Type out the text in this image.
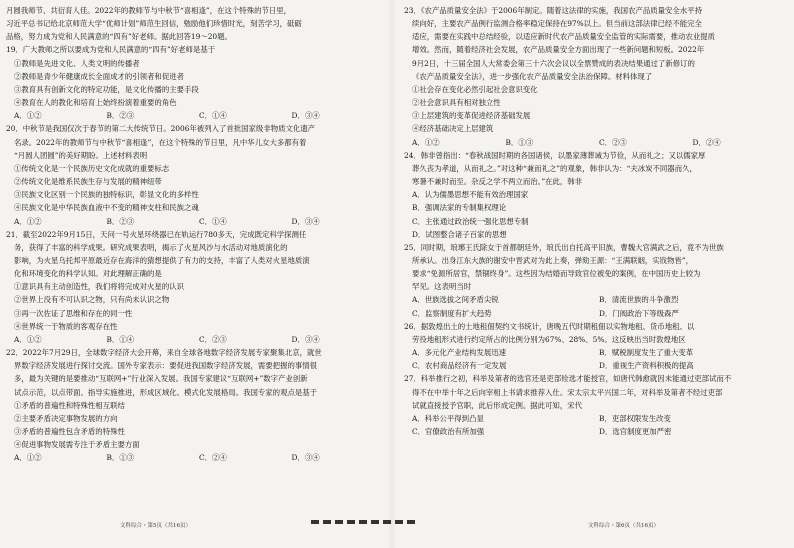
月圆我师节、共衍育人佳。2022年的教师节与中秋节“喜相逢”，在这个特殊的节日里，
习近平总书记给北京师范大学“优师计划”师范生回信，勉励他们珍惜时光，刻苦学习，砥砺
品格，努力成为党和人民满意的“四有”好老师。据此回答19～20题。
19．广大教师之所以要成为党和人民满意的“四有”好老师是基于
①教师是先进文化、人类文明的传播者
②教师是青少年健康成长全面成才的引领者和促进者
③教育具有创新文化的特定功能，是文化传播的主要手段
④教育在人的教化和培育上始终扮演着重要的角色
A．①②	B．②③	C．①④	D．③④
20．中秋节是我国仅次于春节的第二大传统节日。2006年被列入了首批国家级非物质文化遗产
名录。2022年的教师节与中秋节“喜相逢”，在这个特殊的节日里，凡中华儿女大多都有着
“月圆人团圆”的美好期盼。上述材料表明
①传统文化是一个民族历史文化成就的重要标志
②传统文化是维系民族生存与发展的精神纽带
③民族文化区别一个民族的独特标识，彰显文化的多样性
④民族文化是中华民族血液中不变的精神支柱和民族之魂
A．①②	B．②③	C．①④	D．③④
21．截至2022年9月15日，天问一号火星环绕器已在轨运行780多天，完成既定科学探测任
务，获得了丰富的科学成果。研究成果表明，揭示了火星风沙与水活动对地质演化的
影响，为火星乌托邦平原最近存在海洋的猜想提供了有力的支持，丰富了人类对火星地质演
化和环境变化的科学认知。对此理解正确的是
①意识具有主动创造性，我们将将完成对火星的认识
②世界上没有不可认识之物，只有尚未认识之物
③再一次佐证了思维和存在的同一性
④世界统一于物质的客观存在性
A．①②	B．①④	C．②③	D．③④
22．2022年7月29日，全球数字经济大会开幕，来自全球各地数字经济发展专家聚集北京，就世
界数字经济发展进行探讨交流。国外专家表示：要促进我国数字经济发展，需要把握的事情很
多，最为关键的是要推动“互联网+”行业深入发展。我国专家建议“互联网+”数字产业创新
试点示范，以点带面、指导实施推进，形成区域化、模式化发展格局。我国专家的观点是基于
①矛盾的普遍性和特殊性相互联结
②主要矛盾决定事物发展的方向
③矛盾的普遍性包含矛盾的特殊性
④促进事物发展需专注于矛盾主要方面
A．①②	B．①③	C．②④	D．③④
23．《农产品质量安全法》于2006年制定。随着这法律的实施，我国农产品质量安全水平持
续向好，主要农产品例行监测合格率稳定保持在97%以上。但当前这部法律已经不能完全
适应，需要在实践中总结经验，以适应新时代农产品质量安全监管的实际需要，推动农业提质
增效。然而，随着经济社会发展，农产品质量安全方面出现了一些新问题和短板。2022年
9月2日，十三届全国人大常委会第三十六次会议以全票赞成的表决结果通过了新修订的
《农产品质量安全法》，进一步强化农产品质量安全法治保障。材料体现了
①社会存在变化必然引起社会意识变化
②社会意识具有相对独立性
③上层建筑的变革促进经济基础发展
④经济基础决定上层建筑
A．①②	B．①③	C．②③	D．②④
24．韩非曾指出：“春秋战国时期的各国诸侯，以墨家薄葬诫为节俭，从而礼之；又以儒家厚
葬久丧为孝道，从而礼之。”对这种“兼而礼之”的观象，韩非认为：“夫冰炭不同器而久，
寒暑不兼时而至。杂反之学不两立而治。”在此，韩非
A．认为儒墨思想不能有效治理国家
B．强调法家的专制集权理论
C．主张通过政治统一强化思想专制
D．试图整合诸子百家的思想
25．同时期，琅琊王氏除女于首都朝廷外，琅氏出自托高平旧族，曹魏大官满武之后，竟不为世族
所承认。出身江东大族的谢安中晋武对为此上奏，弹劾王源：“王满联姻，实戕物皆”，
要求“免源所居官，禁锢终身”。这些因为结婚而导致官位被免的案例，在中国历史上较为
罕见。这表明当时
A．世族选拔之间矛盾尖锐	B．清流世族的斗争激烈
C．监察制度有扩大趋势	D．门阀政治下等级森严
26．据敦煌出土的土地租佃契约文书统计，唐晚五代时期租佃以实物地租、货币地租、以
劳役地租形式进行约定所占的比例分别为67%、28%、5%。这反映出当时敦煌地区
A．多元化产业结构发展迅速	B．赋税制度发生了重大变革
C．农村商品经济有一定发展	D．重视生产资料积极的提高
27．科举推行之初，科举及第者的选官还是吏部铨选才能授官，如唐代韩愈就因未能通过吏部试而不
得不在中举十年之后向宰相上书请求推荐入仕。宋太宗太平兴国二年，对科举及第者不经过吏部
试就直接授予官职，此后形成定例。据此可知，宋代
A．科举公平得到凸显	B．吏部权限发生改变
C．官僚政治有所加强	D．选官制度更加严密
文科综合・第5页（共16页）	文科综合・第6页（共16页）
